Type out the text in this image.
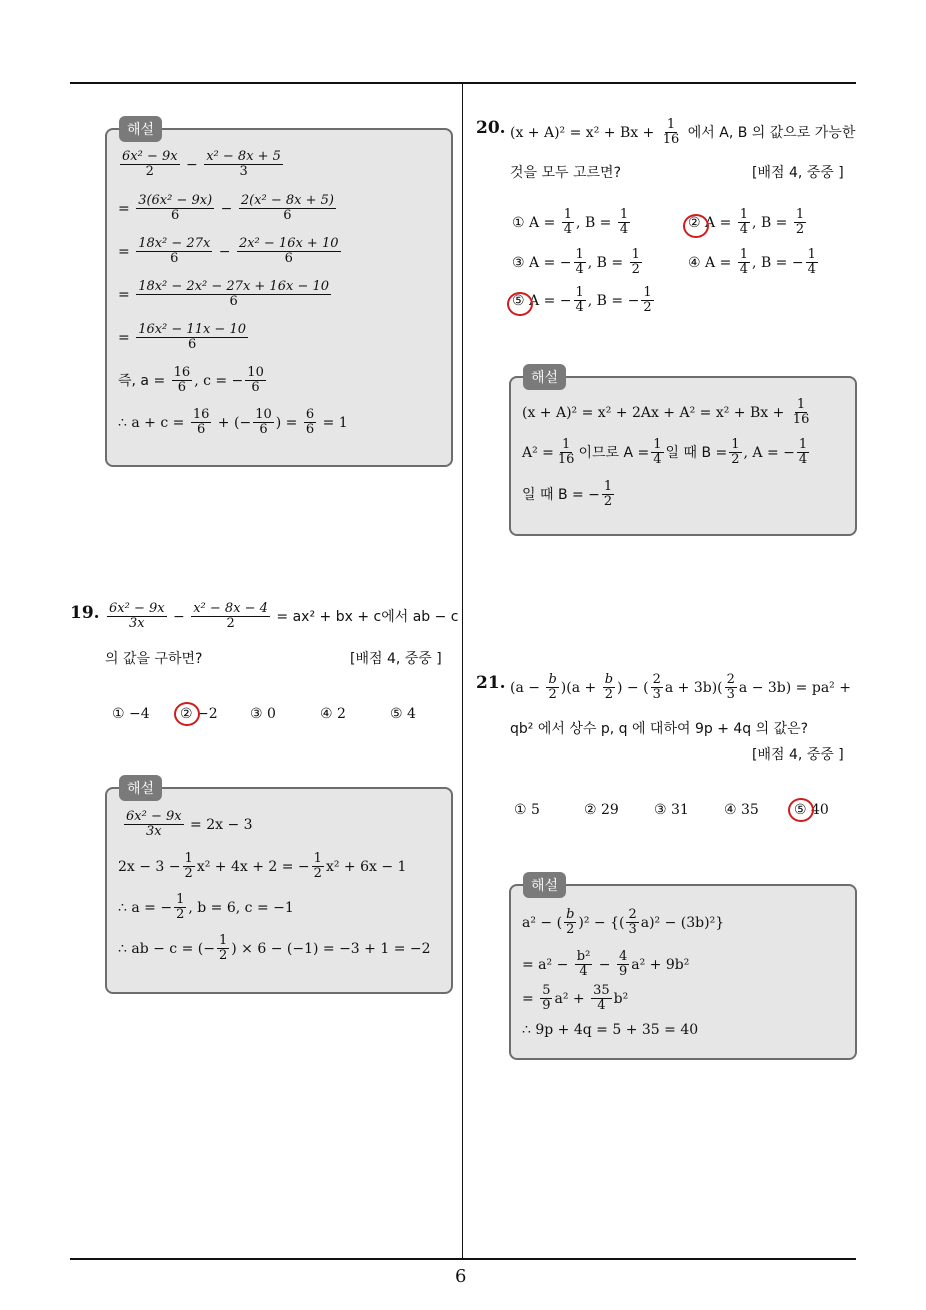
6
해설
$\frac{\text{6x² − 9x}}{2} - \frac{\text{x² − 8x + 5}}{3}$
= $\frac{\text{3(6x² − 9x)}}{6} - \frac{\text{2(x² − 8x + 5)}}{6}$
= $\frac{\text{18x² − 27x}}{6} - \frac{\text{2x² − 16x + 10}}{6}$
= $\frac{\text{18x² − 2x² − 27x + 16x − 10}}{6}$
= $\frac{\text{16x² − 11x − 10}}{6}$
즉, $a = \frac{16}{6}$ , c = − $\frac{10}{6}$
∴ $a + c = \frac{16}{6}$ + (− $\frac{10}{6}$ ) = $\frac{6}{6} = 1$
19. $\frac{\text{6x² − 9x}}{3x} - \frac{\text{x² − 8x − 4}}{2} = ax^2$ + bx + c에서 ab − c
의 값을 구하면?	[배점 4, 중중 ]
① −4 ② −2 ③ 0	④ 2	⑤ 4
해설
$\frac{\text{6x² − 9x}}{3x} = 2x - 3$
$2x - 3 - \frac{1}{2} x^2 + 4x + 2$ = − $\frac{1}{2} x^2 + 6x - 1$
∴ a = − $\frac{1}{2}$ , b = 6, c = −1
∴ ab − c = (− $\frac{1}{2}$ ) × 6 − (−1) = −3 + 1 = −2
20. $(x + A)^2 = x^2 + Bx + \frac{1}{16}$ 에서 A, B 의 값으로 가능한
것을 모두 고르면?	[배점 4, 중중 ]
① $A = \frac{1}{4}$ , $B = \frac{1}{4}$	② $A = \frac{1}{4}$ , $B = \frac{1}{2}$
③ A = − $\frac{1}{4}$ , $B = \frac{1}{2}$	④ $A = \frac{1}{4}$ , B = − $\frac{1}{4}$
⑤ A = − $\frac{1}{4}$ , B = − $\frac{1}{2}$
해설
$(x + A)^2 = x^2 + 2Ax + A^2 = x^2 + Bx + \frac{1}{16}$
$A^2 = \frac{1}{16}$ 이므로 $A = \frac{1}{4}$ 일 때 $B = \frac{1}{2}$ , A = − $\frac{1}{4}$
일 때 B = − $\frac{1}{2}$
21. $(a - \frac{b}{2} )(a + \frac{b}{2}$ ) − ( $\frac{2}{3}$ $a + 3b)( \frac{2}{3}$ a − 3b) = pa² +
qb² 에서 상수 p, q 에 대하여 9p + 4q 의 값은?
[배점 4, 중중 ]
① 5	② 29	③ 31	④ 35	⑤ 40
해설
a² − ( $\frac{b}{2} )^2$ − {( $\frac{2}{3} a)^2 - (3b)^2$}
= $a^2 - \frac{\text{b²}}{4} - \frac{4}{9} a^2 + 9b^2$
= $\frac{5}{9} a^2 + \frac{35}{4} b^2$
∴ 9p + 4q = 5 + 35 = 40
